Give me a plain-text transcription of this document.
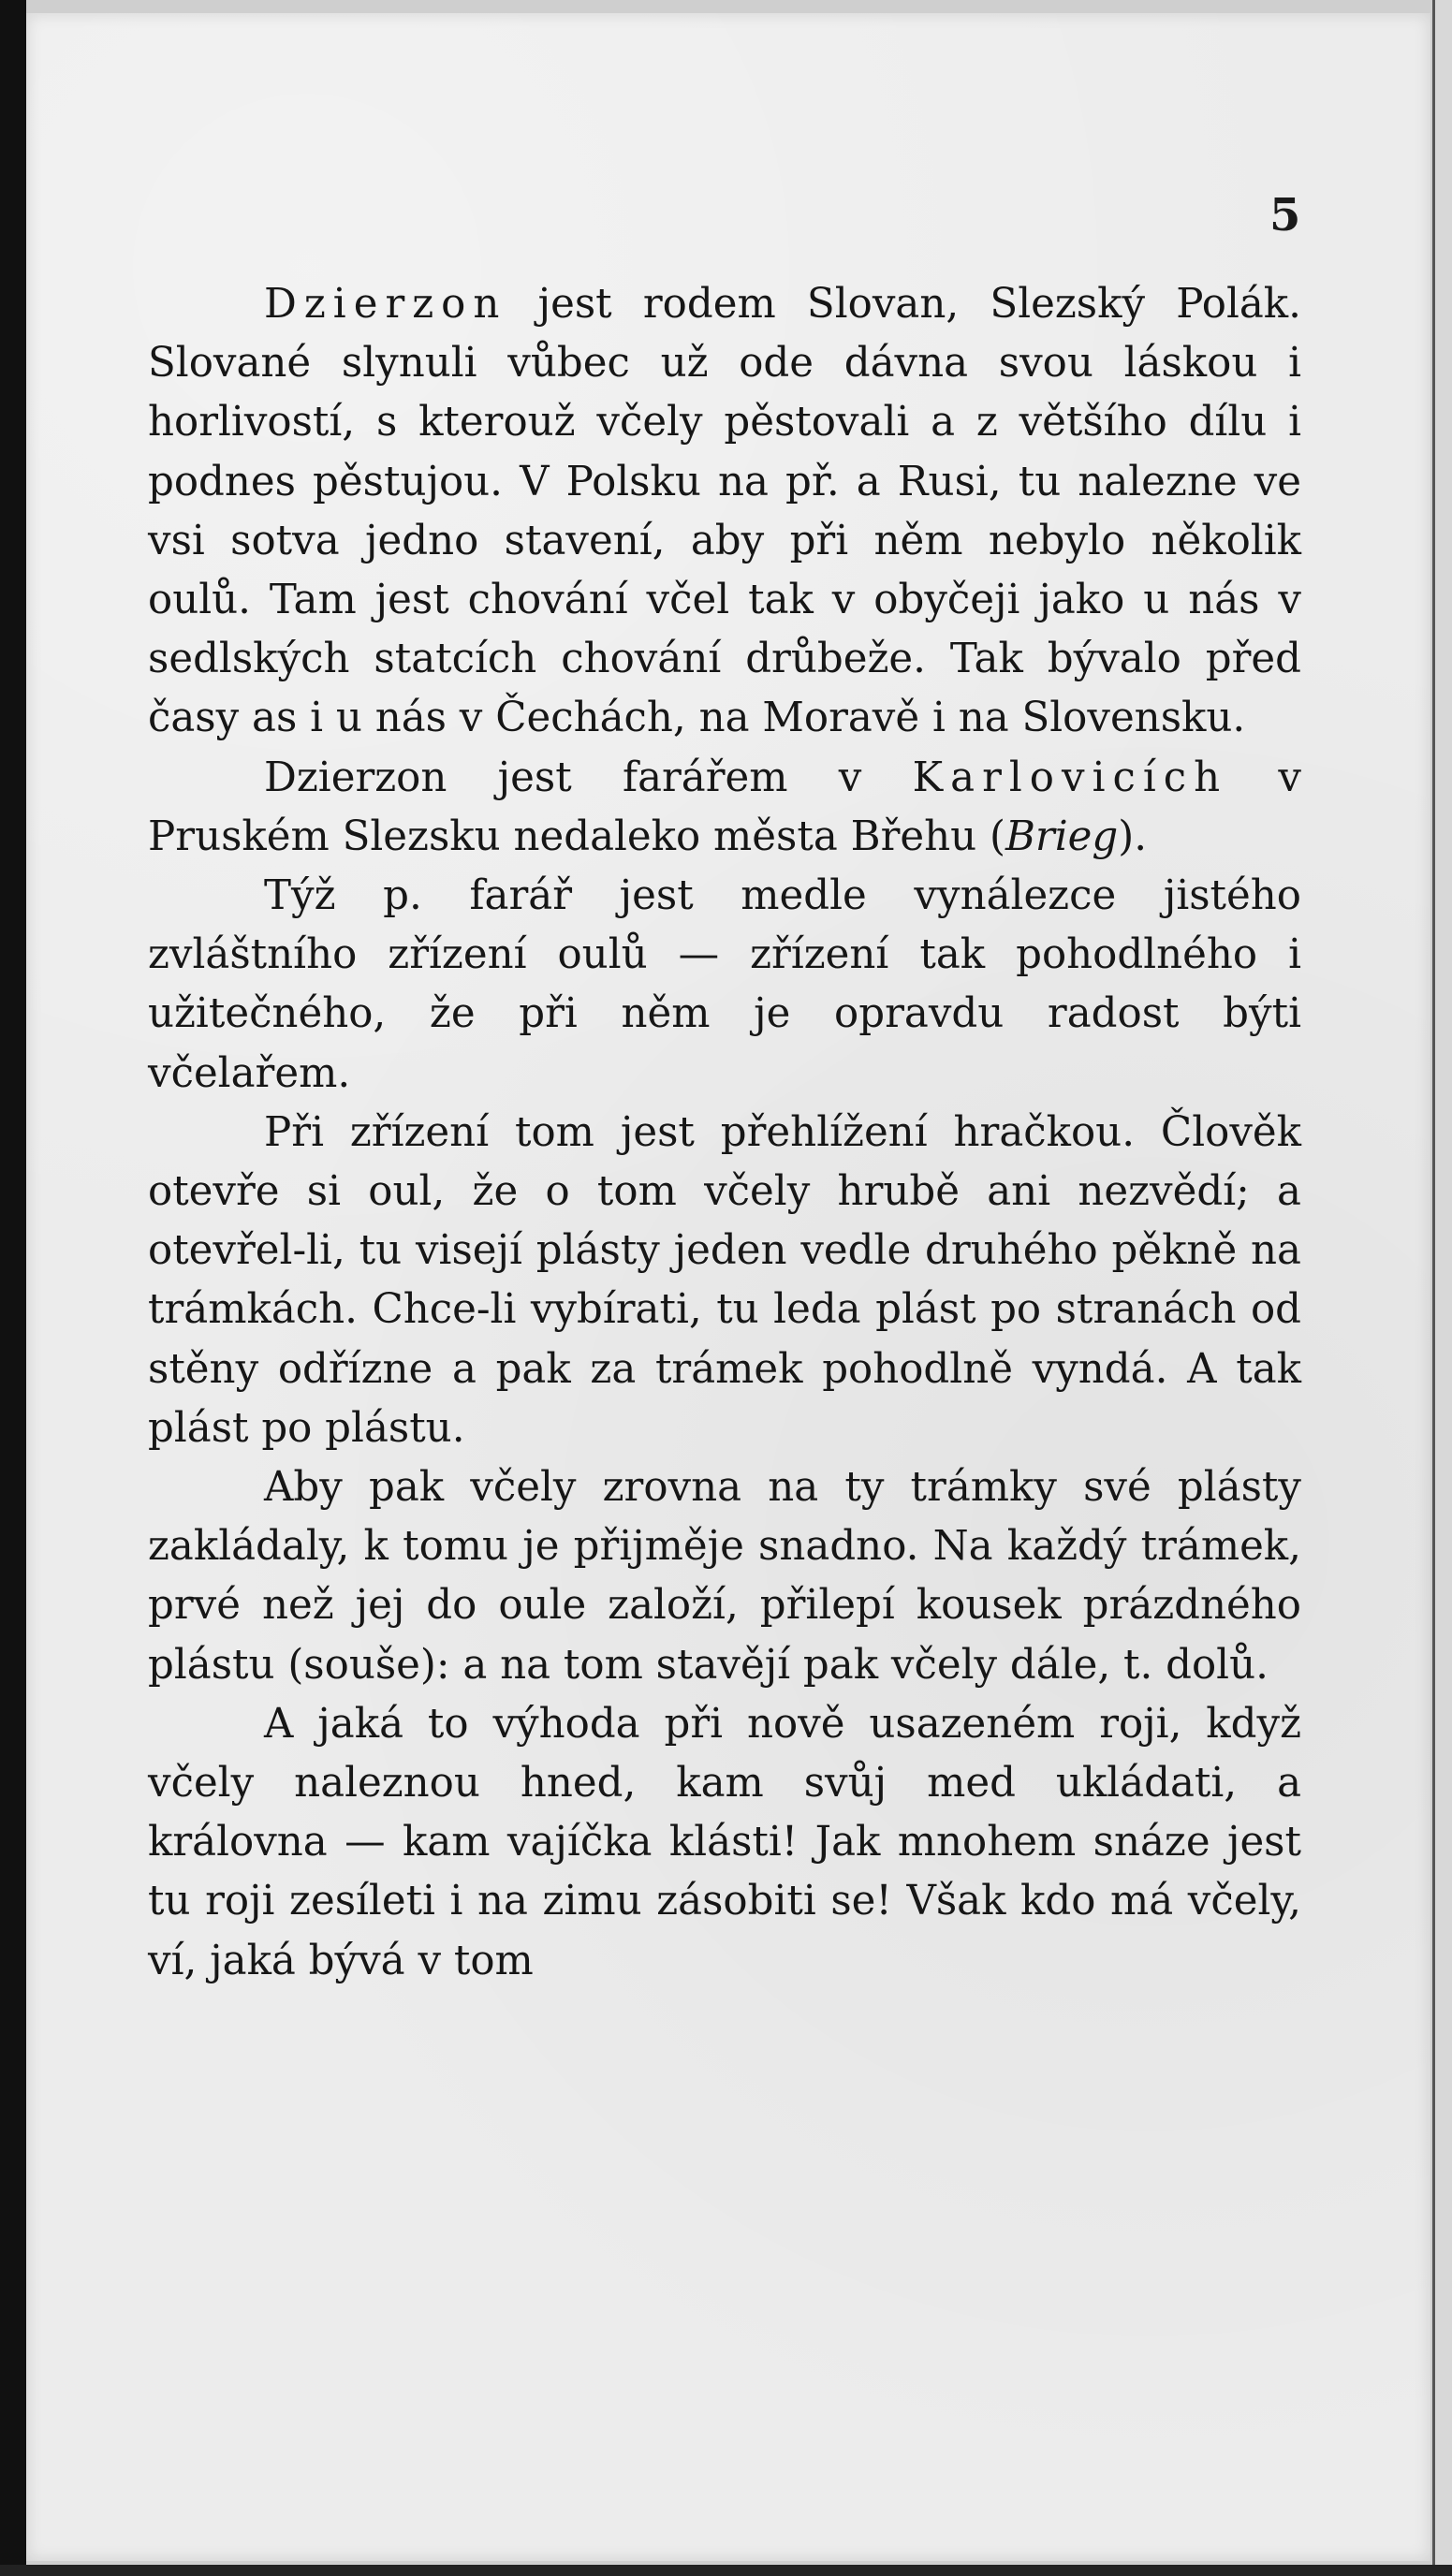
5

Dzierzon jest rodem Slovan, Slezský Polák. Slované slynuli vůbec už ode dávna svou láskou i horlivostí, s kterouž včely pěstovali a z většího dílu i podnes pěstujou. V Polsku na př. a Rusi, tu nalezne ve vsi sotva jedno stavení, aby při něm nebylo několik oulů. Tam jest chování včel tak v obyčeji jako u nás v sedlských statcích chování drůbeže. Tak bývalo před časy as i u nás v Čechách, na Moravě i na Slovensku.

Dzierzon jest farářem v Karlovicích v Pruském Slezsku nedaleko města Břehu (Brieg).

Týž p. farář jest medle vynálezce jistého zvláštního zřízení oulů — zřízení tak pohodlného i užitečného, že při něm je opravdu radost býti včelařem.

Při zřízení tom jest přehlížení hračkou. Člověk otevře si oul, že o tom včely hrubě ani nezvědí; a otevřel-li, tu visejí plásty jeden vedle druhého pěkně na trámkách. Chce-li vybírati, tu leda plást po stranách od stěny odřízne a pak za trámek pohodlně vyndá. A tak plást po plástu.

Aby pak včely zrovna na ty trámky své plásty zakládaly, k tomu je přijměje snadno. Na každý trámek, prvé než jej do oule založí, přilepí kousek prázdného plástu (souše): a na tom stavějí pak včely dále, t. dolů.

A jaká to výhoda při nově usazeném roji, když včely naleznou hned, kam svůj med ukládati, a královna — kam vajíčka klásti! Jak mnohem snáze jest tu roji zesíleti i na zimu zásobiti se! Však kdo má včely, ví, jaká bývá v tom
